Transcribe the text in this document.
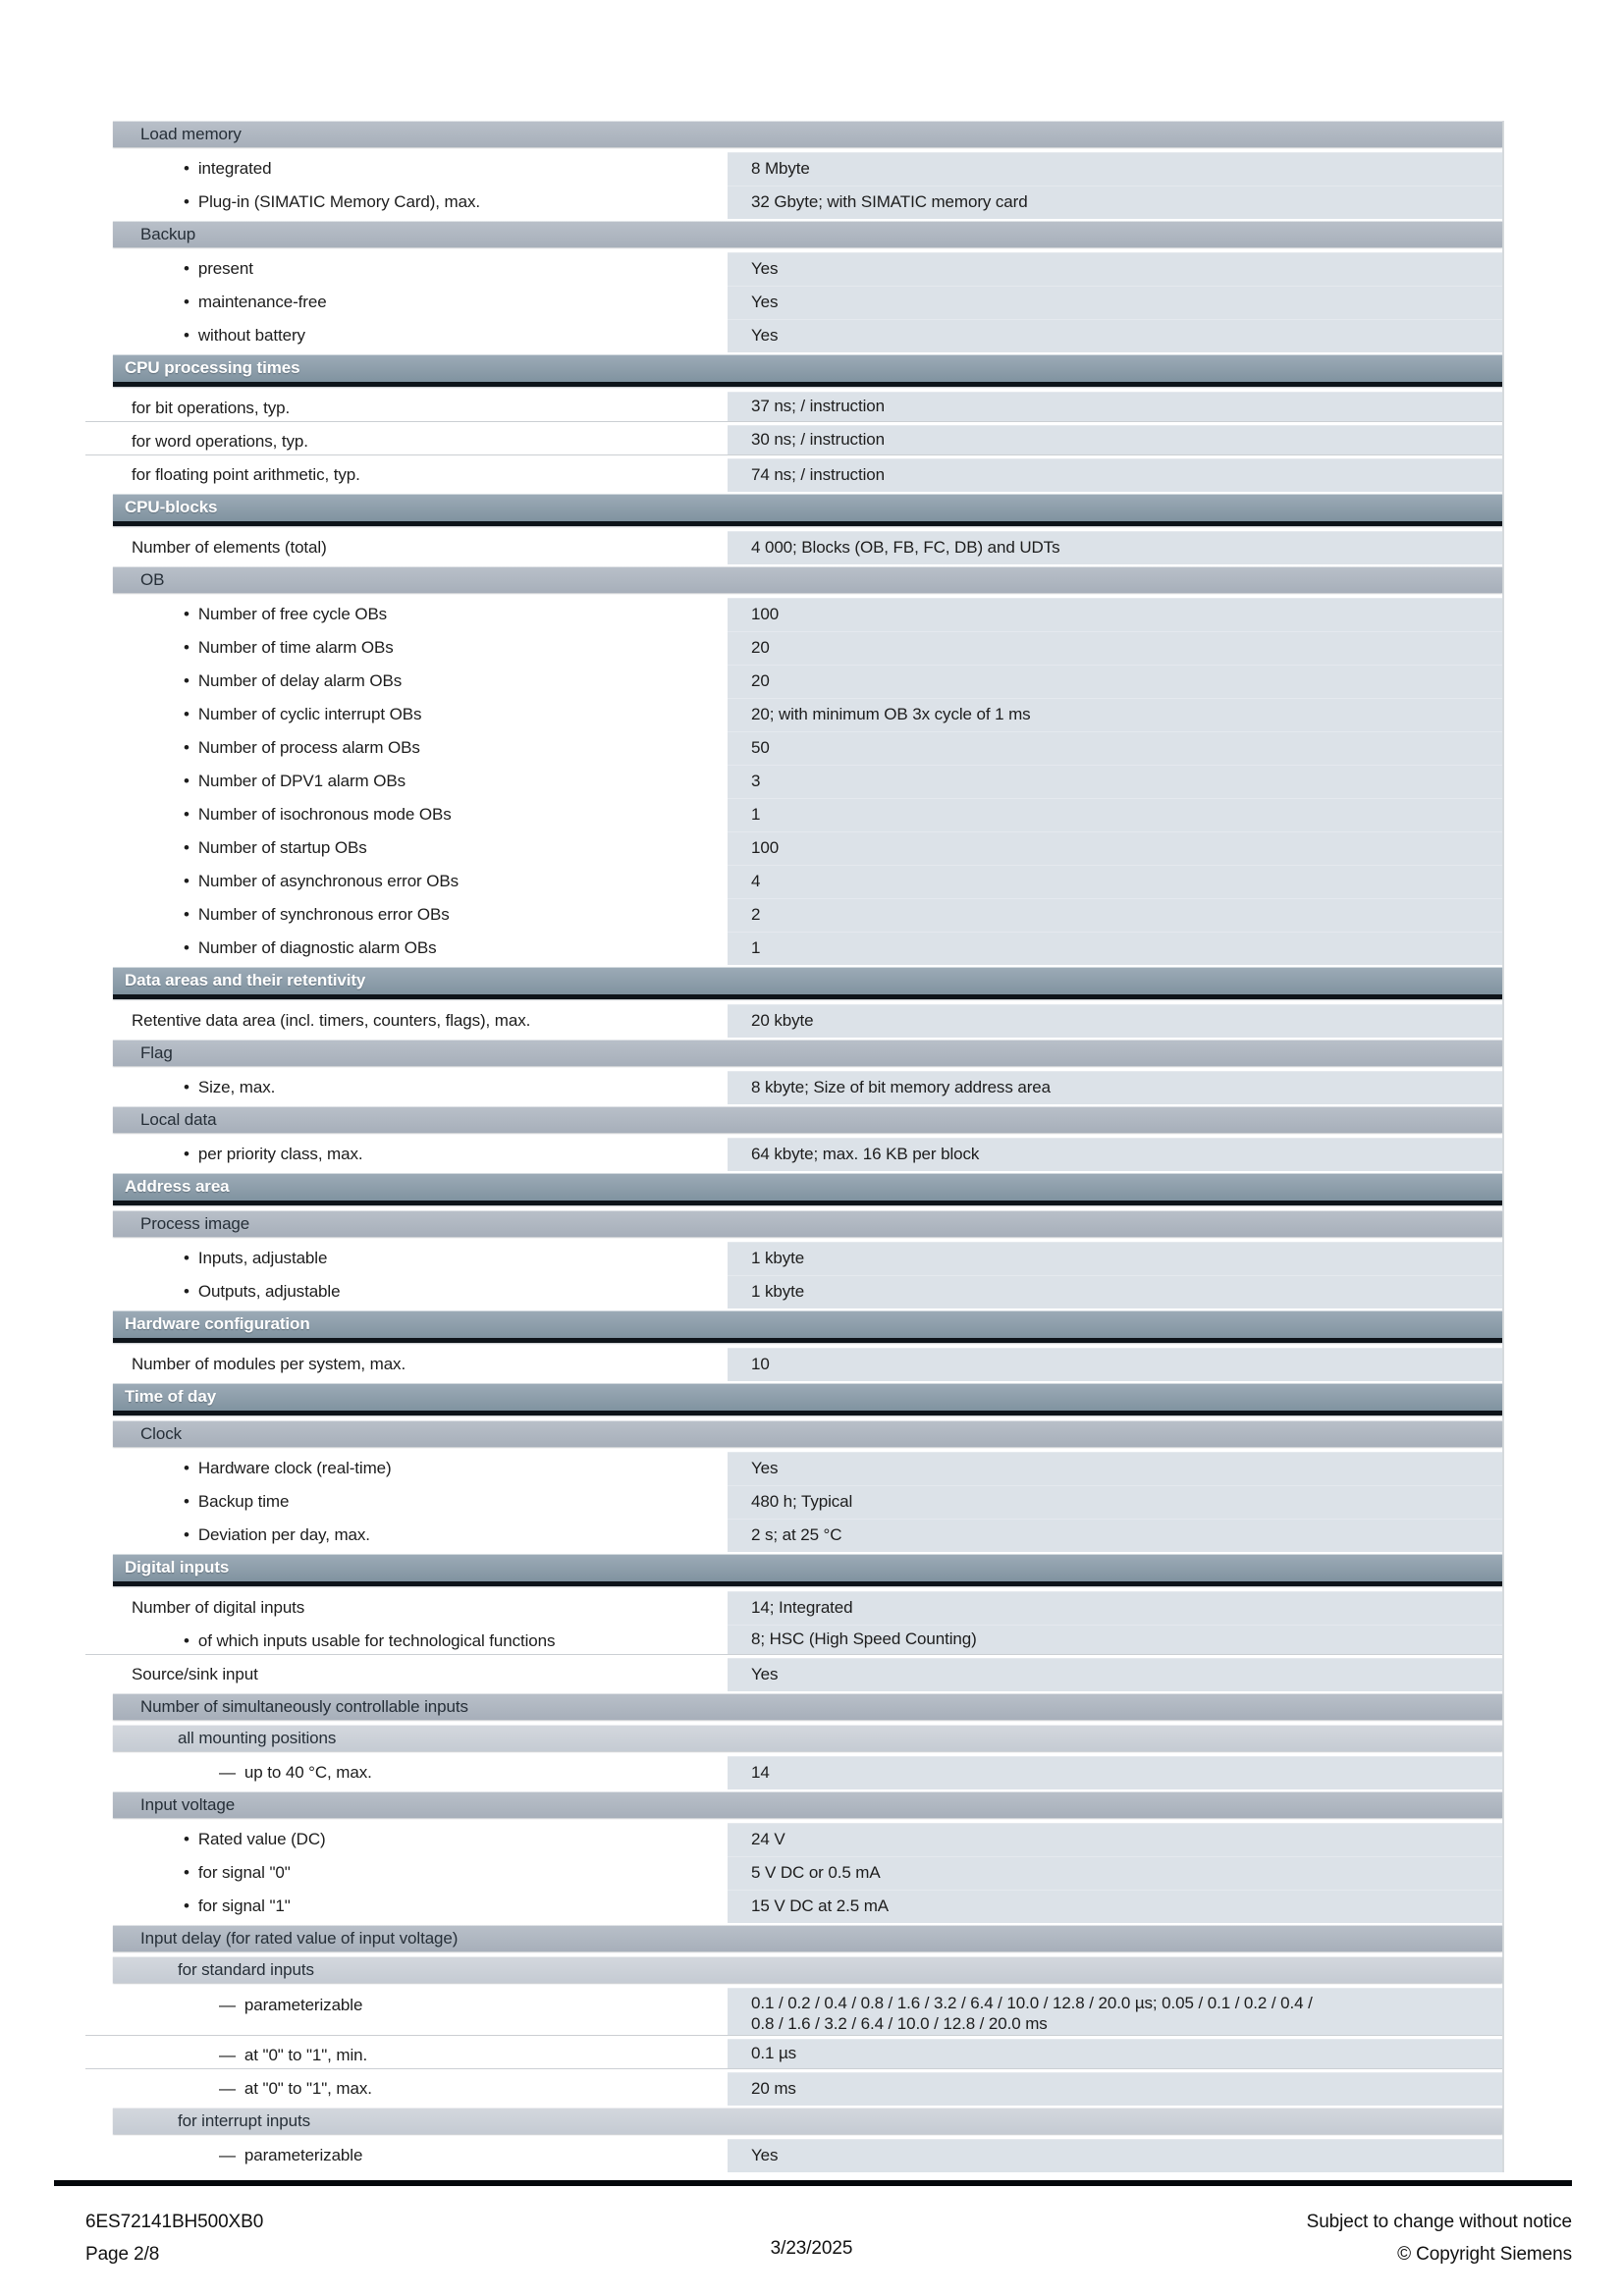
Load memory
• integrated	8 Mbyte
• Plug-in (SIMATIC Memory Card), max.	32 Gbyte; with SIMATIC memory card
Backup
• present	Yes
• maintenance-free	Yes
• without battery	Yes
CPU processing times
for bit operations, typ.	37 ns; / instruction
for word operations, typ.	30 ns; / instruction
for floating point arithmetic, typ.	74 ns; / instruction
CPU-blocks
Number of elements (total)	4 000; Blocks (OB, FB, FC, DB) and UDTs
OB
• Number of free cycle OBs	100
• Number of time alarm OBs	20
• Number of delay alarm OBs	20
• Number of cyclic interrupt OBs	20; with minimum OB 3x cycle of 1 ms
• Number of process alarm OBs	50
• Number of DPV1 alarm OBs	3
• Number of isochronous mode OBs	1
• Number of startup OBs	100
• Number of asynchronous error OBs	4
• Number of synchronous error OBs	2
• Number of diagnostic alarm OBs	1
Data areas and their retentivity
Retentive data area (incl. timers, counters, flags), max.	20 kbyte
Flag
• Size, max.	8 kbyte; Size of bit memory address area
Local data
• per priority class, max.	64 kbyte; max. 16 KB per block
Address area
Process image
• Inputs, adjustable	1 kbyte
• Outputs, adjustable	1 kbyte
Hardware configuration
Number of modules per system, max.	10
Time of day
Clock
• Hardware clock (real-time)	Yes
• Backup time	480 h; Typical
• Deviation per day, max.	2 s; at 25 °C
Digital inputs
Number of digital inputs	14; Integrated
• of which inputs usable for technological functions	8; HSC (High Speed Counting)
Source/sink input	Yes
Number of simultaneously controllable inputs
all mounting positions
— up to 40 °C, max.	14
Input voltage
• Rated value (DC)	24 V
• for signal "0"	5 V DC or 0.5 mA
• for signal "1"	15 V DC at 2.5 mA
Input delay (for rated value of input voltage)
for standard inputs
— parameterizable	0.1 / 0.2 / 0.4 / 0.8 / 1.6 / 3.2 / 6.4 / 10.0 / 12.8 / 20.0 µs; 0.05 / 0.1 / 0.2 / 0.4 / 0.8 / 1.6 / 3.2 / 6.4 / 10.0 / 12.8 / 20.0 ms
— at "0" to "1", min.	0.1 µs
— at "0" to "1", max.	20 ms
for interrupt inputs
— parameterizable	Yes
6ES72141BH500XB0
Page 2/8	3/23/2025
Subject to change without notice
© Copyright Siemens
